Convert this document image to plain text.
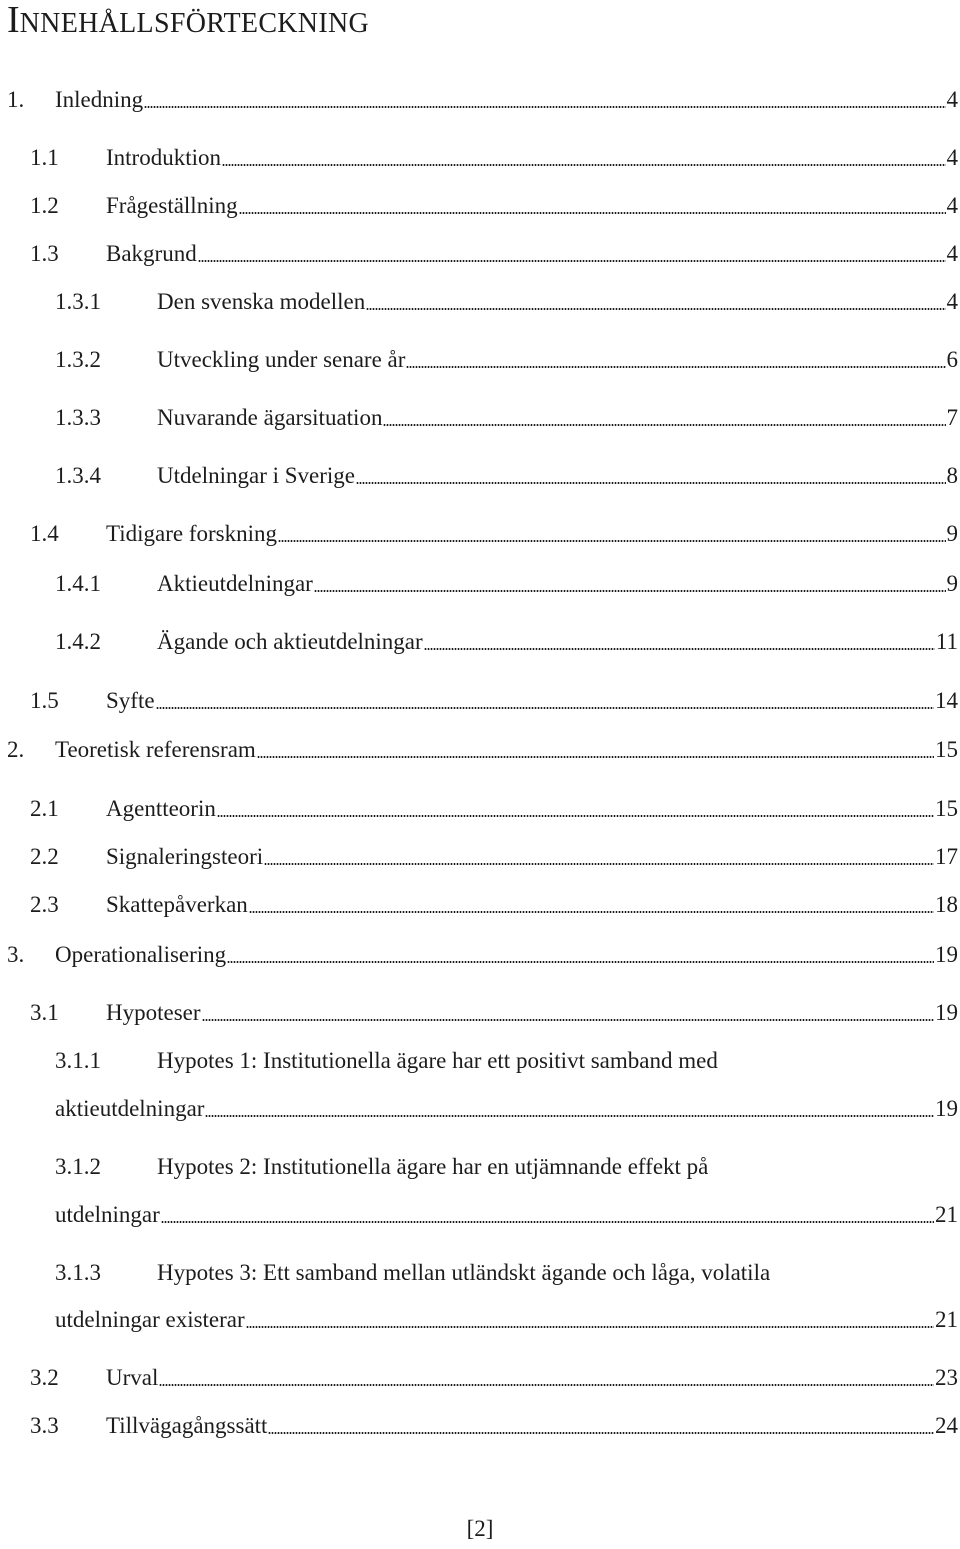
INNEHÅLLSFÖRTECKNING
1. Inledning	4
1.1 Introduktion	4
1.2 Frågeställning	4
1.3 Bakgrund	4
1.3.1 Den svenska modellen	4
1.3.2 Utveckling under senare år	6
1.3.3 Nuvarande ägarsituation	7
1.3.4 Utdelningar i Sverige	8
1.4 Tidigare forskning	9
1.4.1 Aktieutdelningar	9
1.4.2 Ägande och aktieutdelningar	11
1.5 Syfte	14
2. Teoretisk referensram	15
2.1 Agentteorin	15
2.2 Signaleringsteori	17
2.3 Skattepåverkan	18
3. Operationalisering	19
3.1 Hypoteser	19
3.1.1 Hypotes 1: Institutionella ägare har ett positivt samband med
aktieutdelningar	19
3.1.2 Hypotes 2: Institutionella ägare har en utjämnande effekt på
utdelningar	21
3.1.3 Hypotes 3: Ett samband mellan utländskt ägande och låga, volatila
utdelningar existerar	21
3.2 Urval	23
3.3 Tillvägagångssätt	24
[2]
